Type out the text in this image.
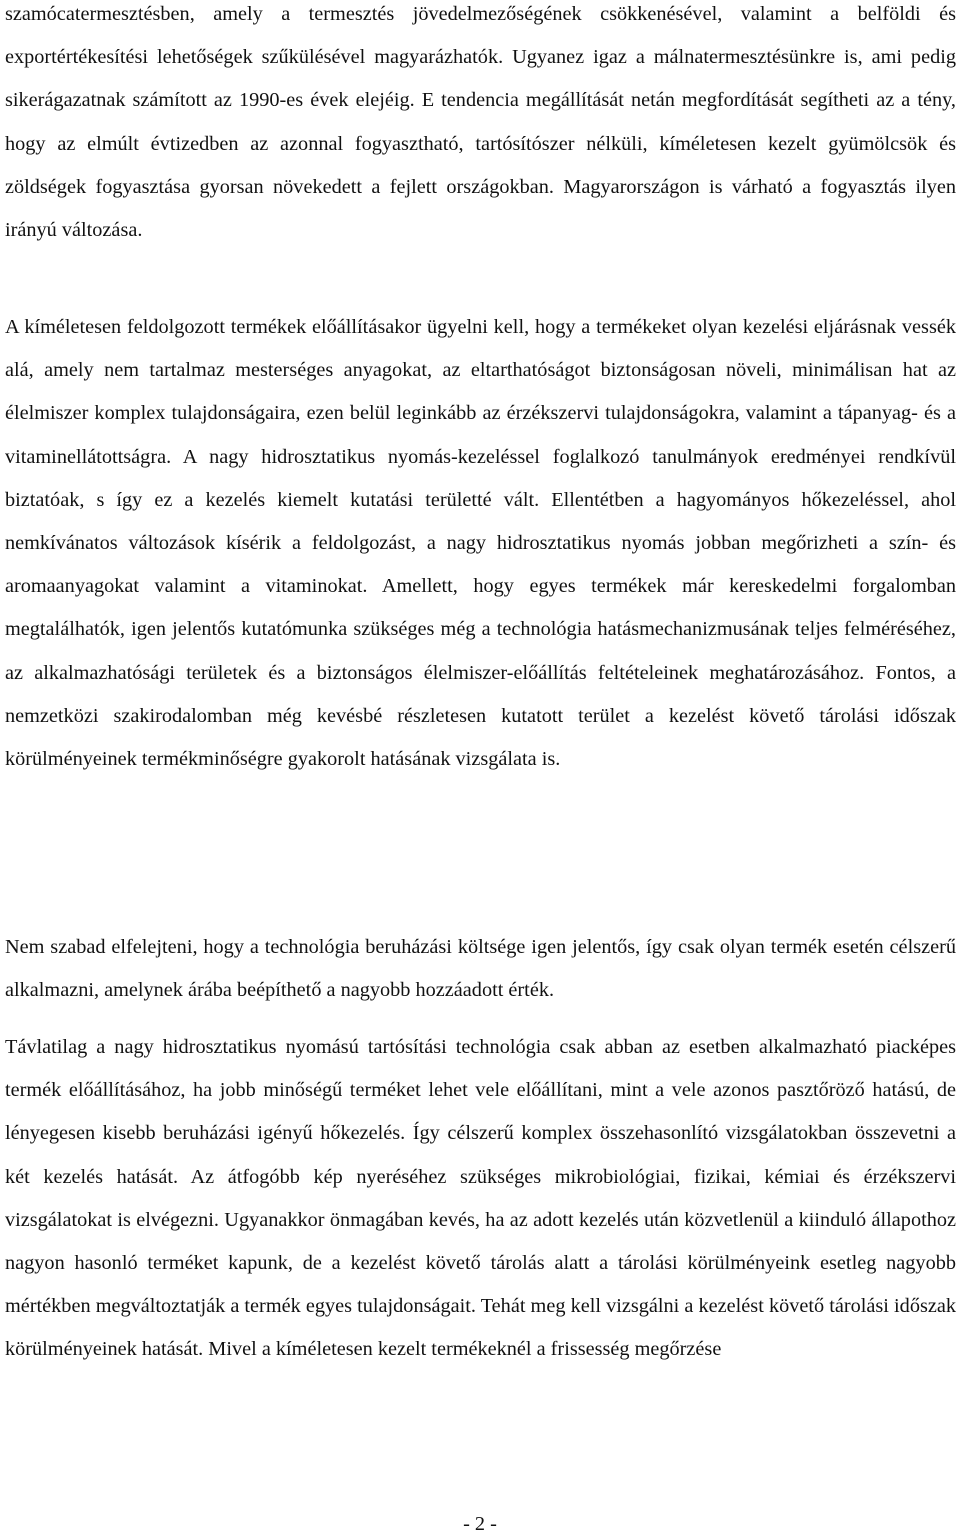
szamócatermesztésben, amely a termesztés jövedelmezőségének csökkenésével, valamint a belföldi és exportértékesítési lehetőségek szűkülésével magyarázhatók. Ugyanez igaz a málnatermesztésünkre is, ami pedig sikerágazatnak számított az 1990-es évek elejéig. E tendencia megállítását netán megfordítását segítheti az a tény, hogy az elmúlt évtizedben az azonnal fogyasztható, tartósítószer nélküli, kíméletesen kezelt gyümölcsök és zöldségek fogyasztása gyorsan növekedett a fejlett országokban. Magyarországon is várható a fogyasztás ilyen irányú változása.

A kíméletesen feldolgozott termékek előállításakor ügyelni kell, hogy a termékeket olyan kezelési eljárásnak vessék alá, amely nem tartalmaz mesterséges anyagokat, az eltarthatóságot biztonságosan növeli, minimálisan hat az élelmiszer komplex tulajdonságaira, ezen belül leginkább az érzékszervi tulajdonságokra, valamint a tápanyag- és a vitaminellátottságra. A nagy hidrosztatikus nyomás-kezeléssel foglalkozó tanulmányok eredményei rendkívül biztatóak, s így ez a kezelés kiemelt kutatási területté vált. Ellentétben a hagyományos hőkezeléssel, ahol nemkívánatos változások kísérik a feldolgozást, a nagy hidrosztatikus nyomás jobban megőrizheti a szín- és aromaanyagokat valamint a vitaminokat. Amellett, hogy egyes termékek már kereskedelmi forgalomban megtalálhatók, igen jelentős kutatómunka szükséges még a technológia hatásmechanizmusának teljes felméréséhez, az alkalmazhatósági területek és a biztonságos élelmiszer-előállítás feltételeinek meghatározásához. Fontos, a nemzetközi szakirodalomban még kevésbé részletesen kutatott terület a kezelést követő tárolási időszak körülményeinek termékminőségre gyakorolt hatásának vizsgálata is.

Nem szabad elfelejteni, hogy a technológia beruházási költsége igen jelentős, így csak olyan termék esetén célszerű alkalmazni, amelynek árába beépíthető a nagyobb hozzáadott érték.

Távlatilag a nagy hidrosztatikus nyomású tartósítási technológia csak abban az esetben alkalmazható piacképes termék előállításához, ha jobb minőségű terméket lehet vele előállítani, mint a vele azonos pasztőröző hatású, de lényegesen kisebb beruházási igényű hőkezelés. Így célszerű komplex összehasonlító vizsgálatokban összevetni a két kezelés hatását. Az átfogóbb kép nyeréséhez szükséges mikrobiológiai, fizikai, kémiai és érzékszervi vizsgálatokat is elvégezni. Ugyanakkor önmagában kevés, ha az adott kezelés után közvetlenül a kiinduló állapothoz nagyon hasonló terméket kapunk, de a kezelést követő tárolás alatt a tárolási körülményeink esetleg nagyobb mértékben megváltoztatják a termék egyes tulajdonságait. Tehát meg kell vizsgálni a kezelést követő tárolási időszak körülményeinek hatását. Mivel a kíméletesen kezelt termékeknél a frissesség megőrzése

- 2 -
